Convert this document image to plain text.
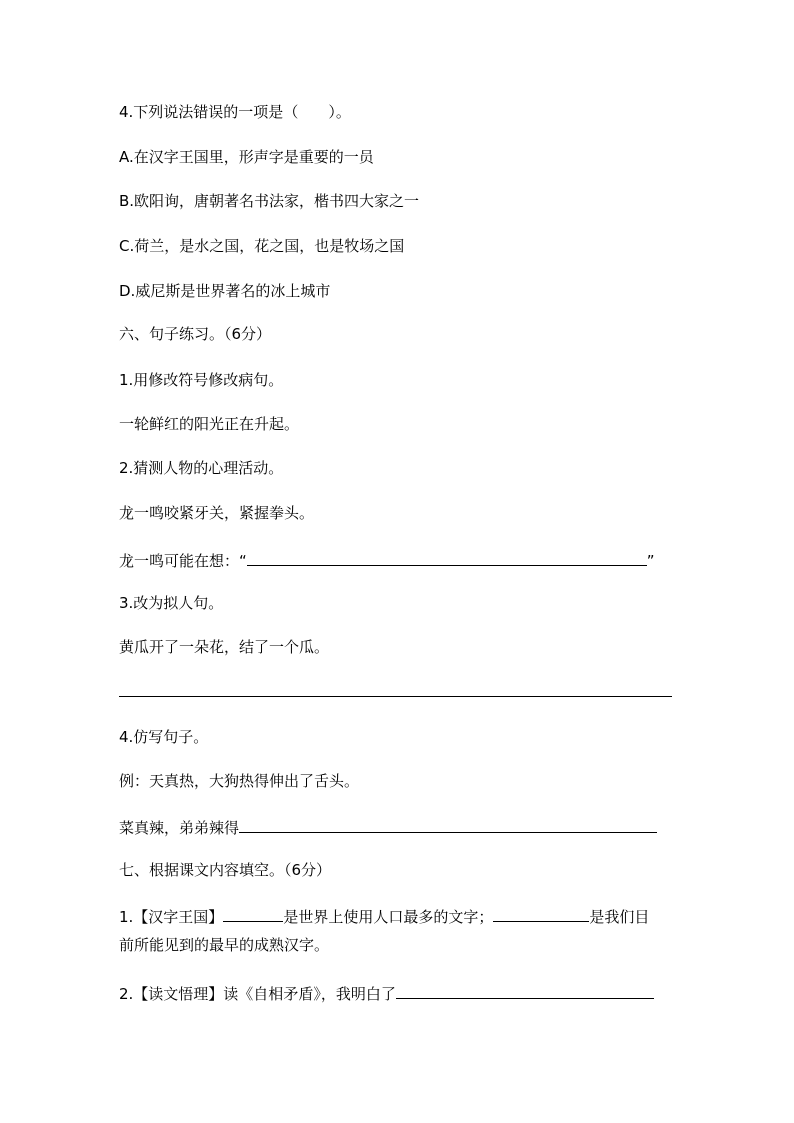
4.下列说法错误的一项是（　　）。
A.在汉字王国里，形声字是重要的一员
B.欧阳询，唐朝著名书法家，楷书四大家之一
C.荷兰，是水之国，花之国，也是牧场之国
D.威尼斯是世界著名的冰上城市
六、句子练习。（6分）
1.用修改符号修改病句。
一轮鲜红的阳光正在升起。
2.猜测人物的心理活动。
龙一鸣咬紧牙关，紧握拳头。
龙一鸣可能在想：“	”
3.改为拟人句。
黄瓜开了一朵花，结了一个瓜。
4.仿写句子。
例：天真热，大狗热得伸出了舌头。
菜真辣，弟弟辣得
七、根据课文内容填空。（6分）
1.【汉字王国】	是世界上使用人口最多的文字；	是我们目
前所能见到的最早的成熟汉字。
2.【读文悟理】读《自相矛盾》，我明白了
